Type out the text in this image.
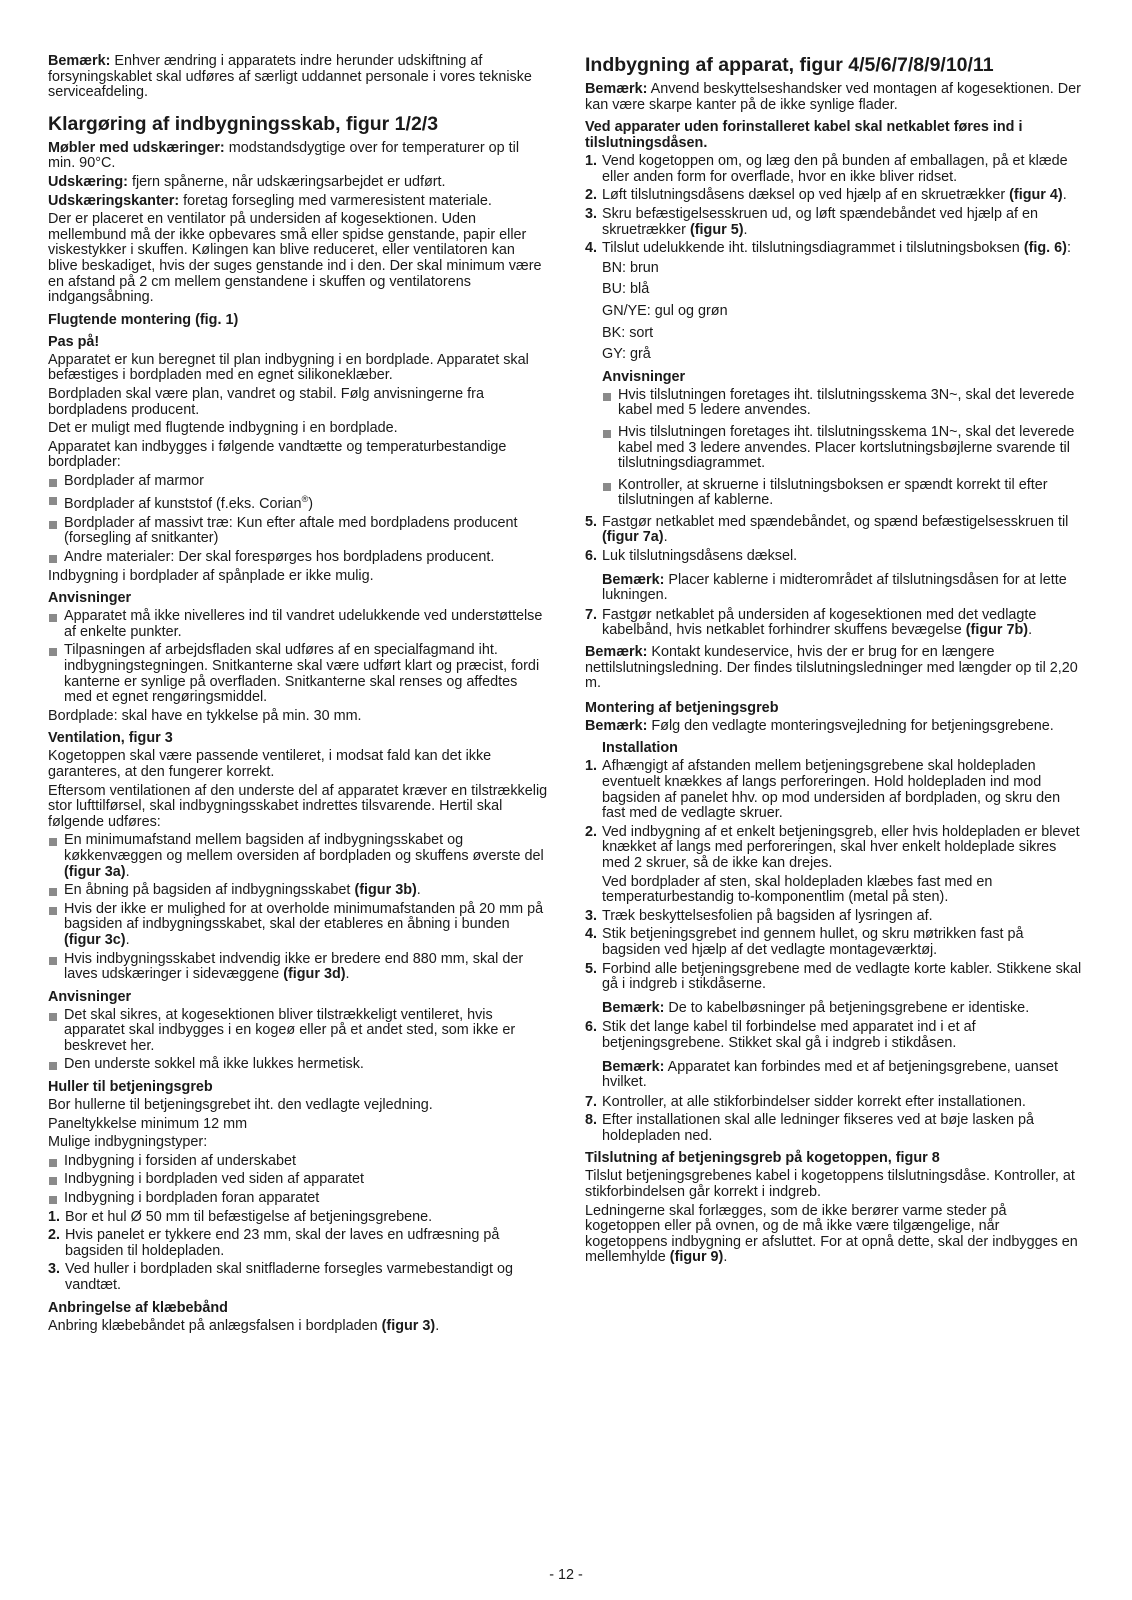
Bemærk: Enhver ændring i apparatets indre herunder udskiftning af forsyningskablet skal udføres af særligt uddannet personale i vores tekniske serviceafdeling.

Klargøring af indbygningsskab, figur 1/2/3

Møbler med udskæringer: modstandsdygtige over for temperaturer op til min. 90°C.

Udskæring: fjern spånerne, når udskæringsarbejdet er udført.

Udskæringskanter: foretag forsegling med varmeresistent materiale.

Der er placeret en ventilator på undersiden af kogesektionen. Uden mellembund må der ikke opbevares små eller spidse genstande, papir eller viskestykker i skuffen. Kølingen kan blive reduceret, eller ventilatoren kan blive beskadiget, hvis der suges genstande ind i den. Der skal minimum være en afstand på 2 cm mellem genstandene i skuffen og ventilatorens indgangsåbning.

Flugtende montering (fig. 1)
Pas på!

Apparatet er kun beregnet til plan indbygning i en bordplade. Apparatet skal befæstiges i bordpladen med en egnet silikoneklæber.

Bordpladen skal være plan, vandret og stabil. Følg anvisningerne fra bordpladens producent.

Det er muligt med flugtende indbygning i en bordplade.

Apparatet kan indbygges i følgende vandtætte og temperaturbestandige bordplader:

Bordplader af marmor
Bordplader af kunststof (f.eks. Corian®)
Bordplader af massivt træ: Kun efter aftale med bordpladens producent (forsegling af snitkanter)
Andre materialer: Der skal forespørges hos bordpladens producent.

Indbygning i bordplader af spånplade er ikke mulig.

Anvisninger
Apparatet må ikke nivelleres ind til vandret udelukkende ved understøttelse af enkelte punkter.
Tilpasningen af arbejdsfladen skal udføres af en specialfagmand iht. indbygningstegningen. Snitkanterne skal være udført klart og præcist, fordi kanterne er synlige på overfladen. Snitkanterne skal renses og affedtes med et egnet rengøringsmiddel.

Bordplade: skal have en tykkelse på min. 30 mm.

Ventilation, figur 3

Kogetoppen skal være passende ventileret, i modsat fald kan det ikke garanteres, at den fungerer korrekt.

Eftersom ventilationen af den underste del af apparatet kræver en tilstrækkelig stor lufttilførsel, skal indbygningsskabet indrettes tilsvarende. Hertil skal følgende udføres:

En minimumafstand mellem bagsiden af indbygningsskabet og køkkenvæggen og mellem oversiden af bordpladen og skuffens øverste del (figur 3a).
En åbning på bagsiden af indbygningsskabet (figur 3b).
Hvis der ikke er mulighed for at overholde minimumafstanden på 20 mm på bagsiden af indbygningsskabet, skal der etableres en åbning i bunden (figur 3c).
Hvis indbygningsskabet indvendig ikke er bredere end 880 mm, skal der laves udskæringer i sidevæggene (figur 3d).
Anvisninger
Det skal sikres, at kogesektionen bliver tilstrækkeligt ventileret, hvis apparatet skal indbygges i en kogeø eller på et andet sted, som ikke er beskrevet her.
Den underste sokkel må ikke lukkes hermetisk.
Huller til betjeningsgreb

Bor hullerne til betjeningsgrebet iht. den vedlagte vejledning.

Paneltykkelse minimum 12 mm

Mulige indbygningstyper:

Indbygning i forsiden af underskabet
Indbygning i bordpladen ved siden af apparatet
Indbygning i bordpladen foran apparatet
1. Bor et hul Ø 50 mm til befæstigelse af betjeningsgrebene.
2. Hvis panelet er tykkere end 23 mm, skal der laves en udfræsning på bagsiden til holdepladen.
3. Ved huller i bordpladen skal snitfladerne forsegles varmebestandigt og vandtæt.
Anbringelse af klæbebånd

Anbring klæbebåndet på anlægsfalsen i bordpladen (figur 3).

Indbygning af apparat, figur 4/5/6/7/8/9/10/11

Bemærk: Anvend beskyttelseshandsker ved montagen af kogesektionen. Der kan være skarpe kanter på de ikke synlige flader.

Ved apparater uden forinstalleret kabel skal netkablet føres ind i tilslutningsdåsen.
1. Vend kogetoppen om, og læg den på bunden af emballagen, på et klæde eller anden form for overflade, hvor en ikke bliver ridset.
2. Løft tilslutningsdåsens dæksel op ved hjælp af en skruetrækker (figur 4).
3. Skru befæstigelsesskruen ud, og løft spændebåndet ved hjælp af en skruetrækker (figur 5).
4. Tilslut udelukkende iht. tilslutningsdiagrammet i tilslutningsboksen (fig. 6):

BN: brun

BU: blå

GN/YE: gul og grøn

BK: sort

GY: grå

Anvisninger
Hvis tilslutningen foretages iht. tilslutningsskema 3N~, skal det leverede kabel med 5 ledere anvendes.
Hvis tilslutningen foretages iht. tilslutningsskema 1N~, skal det leverede kabel med 3 ledere anvendes. Placer kortslutningsbøjlerne svarende til tilslutningsdiagrammet.
Kontroller, at skruerne i tilslutningsboksen er spændt korrekt til efter tilslutningen af kablerne.
5. Fastgør netkablet med spændebåndet, og spænd befæstigelsesskruen til (figur 7a).
6. Luk tilslutningsdåsens dæksel.

Bemærk: Placer kablerne i midterområdet af tilslutningsdåsen for at lette lukningen.

7. Fastgør netkablet på undersiden af kogesektionen med det vedlagte kabelbånd, hvis netkablet forhindrer skuffens bevægelse (figur 7b).

Bemærk: Kontakt kundeservice, hvis der er brug for en længere nettilslutningsledning. Der findes tilslutningsledninger med længder op til 2,20 m.

Montering af betjeningsgreb

Bemærk: Følg den vedlagte monteringsvejledning for betjeningsgrebene.

Installation
1. Afhængigt af afstanden mellem betjeningsgrebene skal holdepladen eventuelt knækkes af langs perforeringen. Hold holdepladen ind mod bagsiden af panelet hhv. op mod undersiden af bordpladen, og skru den fast med de vedlagte skruer.
2. Ved indbygning af et enkelt betjeningsgreb, eller hvis holdepladen er blevet knækket af langs med perforeringen, skal hver enkelt holdeplade sikres med 2 skruer, så de ikke kan drejes.

Ved bordplader af sten, skal holdepladen klæbes fast med en temperaturbestandig to-komponentlim (metal på sten).

3. Træk beskyttelsesfolien på bagsiden af lysringen af.
4. Stik betjeningsgrebet ind gennem hullet, og skru møtrikken fast på bagsiden ved hjælp af det vedlagte montageværktøj.
5. Forbind alle betjeningsgrebene med de vedlagte korte kabler. Stikkene skal gå i indgreb i stikdåserne.

Bemærk: De to kabelbøsninger på betjeningsgrebene er identiske.

6. Stik det lange kabel til forbindelse med apparatet ind i et af betjeningsgrebene. Stikket skal gå i indgreb i stikdåsen.

Bemærk: Apparatet kan forbindes med et af betjeningsgrebene, uanset hvilket.

7. Kontroller, at alle stikforbindelser sidder korrekt efter installationen.
8. Efter installationen skal alle ledninger fikseres ved at bøje lasken på holdepladen ned.
Tilslutning af betjeningsgreb på kogetoppen, figur 8

Tilslut betjeningsgrebenes kabel i kogetoppens tilslutningsdåse. Kontroller, at stikforbindelsen går korrekt i indgreb.

Ledningerne skal forlægges, som de ikke berører varme steder på kogetoppen eller på ovnen, og de må ikke være tilgængelige, når kogetoppens indbygning er afsluttet. For at opnå dette, skal der indbygges en mellemhylde (figur 9).

- 12 -
